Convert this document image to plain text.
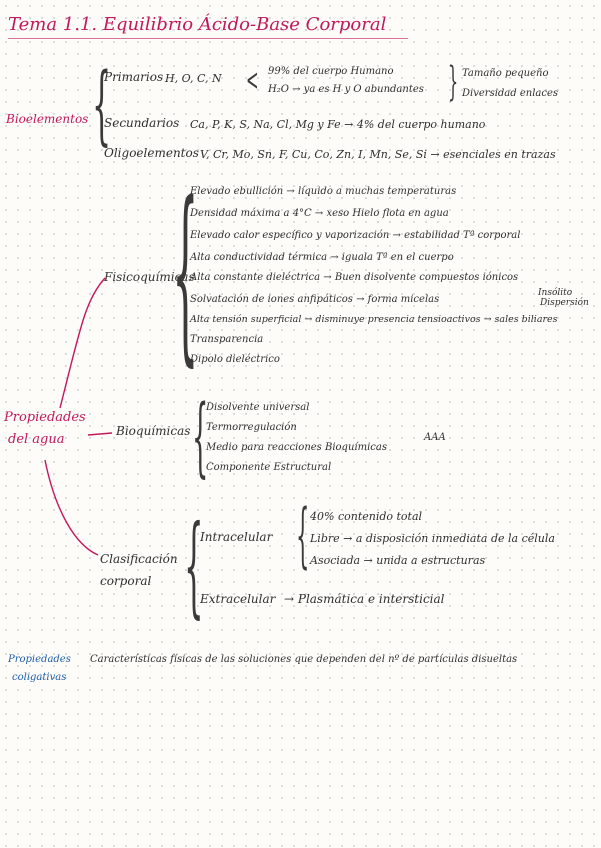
Tema 1.1. Equilibrio Ácido-Base Corporal
Bioelementos {
Primarios H, O, C, N < 99% del cuerpo Humano
H₂O → ya es H y O abundantes } Tamaño pequeño
Diversidad enlaces
Secundarios Ca, P, K, S, Na, Cl, Mg y Fe → 4% del cuerpo humano
Oligoelementos V, Cr, Mo, Sn, F, Cu, Co, Zn, I, Mn, Se, Si → esenciales en trazas
Propiedades
del agua
Fisicoquímicas
{
Elevado ebullición → líquido a muchas temperaturas
Densidad máxima a 4°C → xeso Hielo flota en agua
Elevado calor específico y vaporización → estabilidad Tª corporal
Alta conductividad térmica → iguala Tª en el cuerpo
Alta constante dieléctrica → Buen disolvente compuestos iónicos
Solvatación de iones anfipáticos → forma micelas
Alta tensión superficial → disminuye presencia tensioactivos → sales biliares
Transparencia
Dipolo dieléctrico
Insólito
Dispersión
Bioquímicas {
Disolvente universal
Termorregulación
Medio para reacciones Bioquímicas
Componente Estructural
AAA
Clasificación
corporal {
Intracelular { 40% contenido total
Libre → a disposición inmediata de la célula
Asociada → unida a estructuras
Extracelular → Plasmática e intersticial
Propiedades
coligativas
Características físicas de las soluciones que dependen del nº de partículas disueltas
